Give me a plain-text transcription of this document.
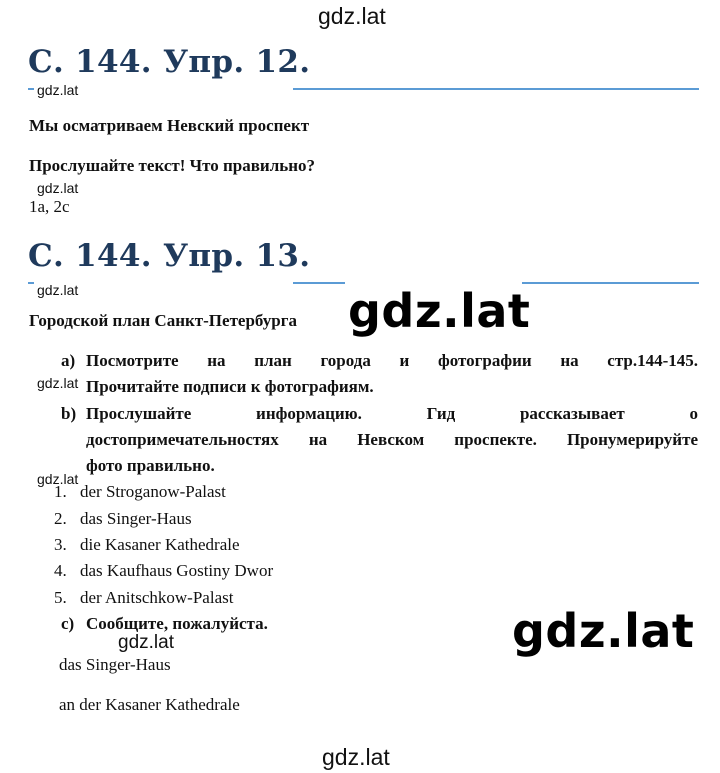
gdz.lat
С. 144. Упр. 12.
gdz.lat
Мы осматриваем Невский проспект
Прослушайте текст! Что правильно?
gdz.lat
1a, 2c
С. 144. Упр. 13.
gdz.lat
Городской план Санкт-Петербурга gdz.lat
a) Посмотрите на план города и фотографии на стр.144-145.
Прочитайте подписи к фотографиям.
gdz.lat
b) Прослушайте информацию. Гид рассказывает о
достопримечательностях на Невском проспекте. Пронумерируйте
фото правильно.
gdz.lat
1. der Stroganow-Palast
2. das Singer-Haus
3. die Kasaner Kathedrale
4. das Kaufhaus Gostiny Dwor
5. der Anitschkow-Palast
c) Сообщите, пожалуйста.	gdz.lat
gdz.lat
das Singer-Haus
an der Kasaner Kathedrale
gdz.lat
